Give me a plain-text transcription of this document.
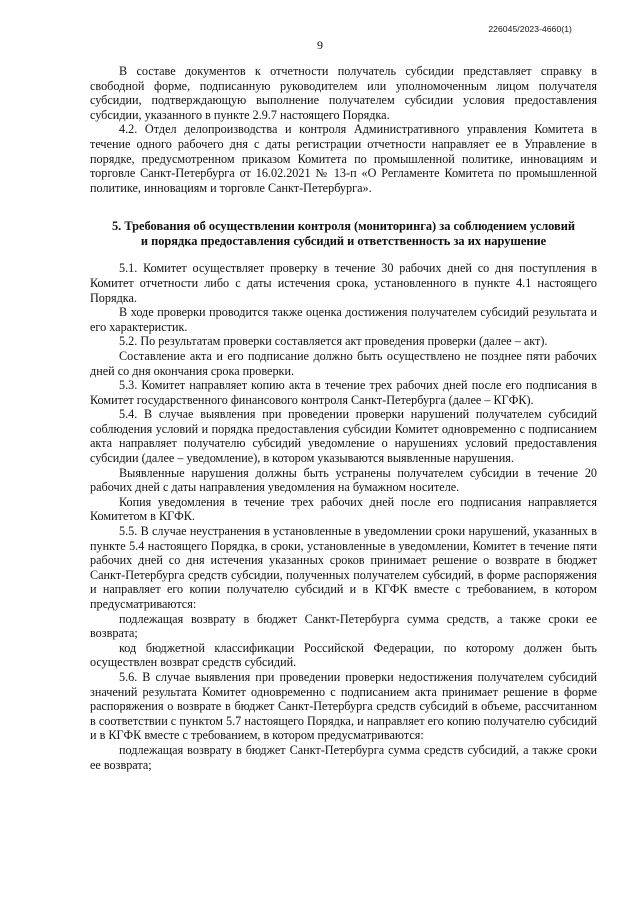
226045/2023-4660(1)
9

В составе документов к отчетности получатель субсидии представляет справку в свободной форме, подписанную руководителем или уполномоченным лицом получателя субсидии, подтверждающую выполнение получателем субсидии условия предоставления субсидии, указанного в пункте 2.9.7 настоящего Порядка.

4.2. Отдел делопроизводства и контроля Административного управления Комитета в течение одного рабочего дня с даты регистрации отчетности направляет ее в Управление в порядке, предусмотренном приказом Комитета по промышленной политике, инновациям и торговле Санкт-Петербурга от 16.02.2021 № 13-п «О Регламенте Комитета по промышленной политике, инновациям и торговле Санкт-Петербурга».

5. Требования об осуществлении контроля (мониторинга) за соблюдением условий
и порядка предоставления субсидий и ответственность за их нарушение

5.1. Комитет осуществляет проверку в течение 30 рабочих дней со дня поступления в Комитет отчетности либо с даты истечения срока, установленного в пункте 4.1 настоящего Порядка.

В ходе проверки проводится также оценка достижения получателем субсидий результата и его характеристик.

5.2. По результатам проверки составляется акт проведения проверки (далее – акт).

Составление акта и его подписание должно быть осуществлено не позднее пяти рабочих дней со дня окончания срока проверки.

5.3. Комитет направляет копию акта в течение трех рабочих дней после его подписания в Комитет государственного финансового контроля Санкт-Петербурга (далее – КГФК).

5.4. В случае выявления при проведении проверки нарушений получателем субсидий соблюдения условий и порядка предоставления субсидии Комитет одновременно с подписанием акта направляет получателю субсидий уведомление о нарушениях условий предоставления субсидии (далее – уведомление), в котором указываются выявленные нарушения.

Выявленные нарушения должны быть устранены получателем субсидии в течение 20 рабочих дней с даты направления уведомления на бумажном носителе.

Копия уведомления в течение трех рабочих дней после его подписания направляется Комитетом в КГФК.

5.5. В случае неустранения в установленные в уведомлении сроки нарушений, указанных в пункте 5.4 настоящего Порядка, в сроки, установленные в уведомлении, Комитет в течение пяти рабочих дней со дня истечения указанных сроков принимает решение о возврате в бюджет Санкт-Петербурга средств субсидии, полученных получателем субсидий, в форме распоряжения и направляет его копии получателю субсидий и в КГФК вместе с требованием, в котором предусматриваются:

подлежащая возврату в бюджет Санкт-Петербурга сумма средств, а также сроки ее возврата;

код бюджетной классификации Российской Федерации, по которому должен быть осуществлен возврат средств субсидий.

5.6. В случае выявления при проведении проверки недостижения получателем субсидий значений результата Комитет одновременно с подписанием акта принимает решение в форме распоряжения о возврате в бюджет Санкт-Петербурга средств субсидий в объеме, рассчитанном в соответствии с пунктом 5.7 настоящего Порядка, и направляет его копию получателю субсидий и в КГФК вместе с требованием, в котором предусматриваются:

подлежащая возврату в бюджет Санкт-Петербурга сумма средств субсидий, а также сроки ее возврата;
